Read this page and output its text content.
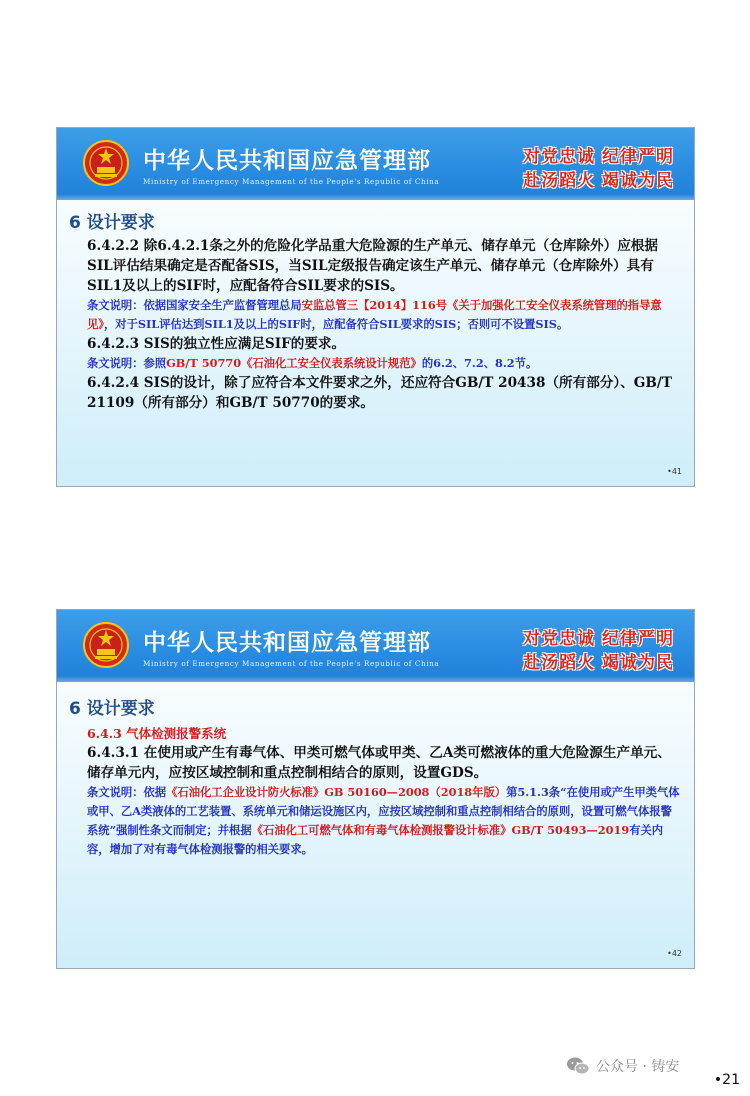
中华人民共和国应急管理部
Ministry of Emergency Management of the People's Republic of China
对党忠诚 纪律严明
赴汤蹈火 竭诚为民
6 设计要求

6.4.2.2 除6.4.2.1条之外的危险化学品重大危险源的生产单元、储存单元（仓库除外）应根据SIL评估结果确定是否配备SIS，当SIL定级报告确定该生产单元、储存单元（仓库除外）具有SIL1及以上的SIF时，应配备符合SIL要求的SIS。

条文说明：依据国家安全生产监督管理总局安监总管三【2014】116号《关于加强化工安全仪表系统管理的指导意见》，对于SIL评估达到SIL1及以上的SIF时，应配备符合SIL要求的SIS；否则可不设置SIS。

6.4.2.3 SIS的独立性应满足SIF的要求。

条文说明：参照GB/T 50770《石油化工安全仪表系统设计规范》的6.2、7.2、8.2节。

6.4.2.4 SIS的设计，除了应符合本文件要求之外，还应符合GB/T 20438（所有部分）、GB/T 21109（所有部分）和GB/T 50770的要求。

•41
中华人民共和国应急管理部
Ministry of Emergency Management of the People's Republic of China
对党忠诚 纪律严明
赴汤蹈火 竭诚为民
6 设计要求

6.4.3 气体检测报警系统

6.4.3.1 在使用或产生有毒气体、甲类可燃气体或甲类、乙A类可燃液体的重大危险源生产单元、储存单元内，应按区域控制和重点控制相结合的原则，设置GDS。

条文说明：依据《石油化工企业设计防火标准》GB 50160—2008（2018年版）第5.1.3条“在使用或产生甲类气体或甲、乙A类液体的工艺装置、系统单元和储运设施区内，应按区域控制和重点控制相结合的原则，设置可燃气体报警系统”强制性条文而制定；并根据《石油化工可燃气体和有毒气体检测报警设计标准》GB/T 50493—2019有关内容，增加了对有毒气体检测报警的相关要求。

•42
公众号 · 铸安
•21
